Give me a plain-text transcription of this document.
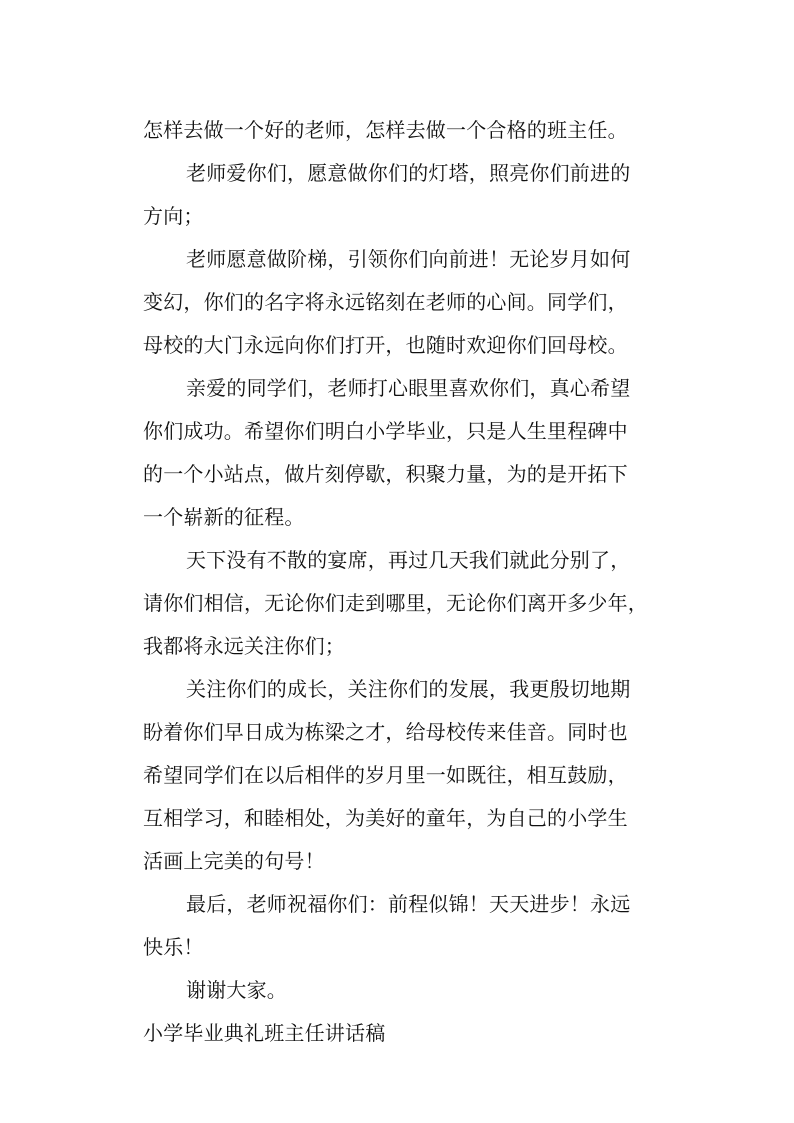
怎样去做一个好的老师，怎样去做一个合格的班主任。
老师爱你们，愿意做你们的灯塔，照亮你们前进的
方向；
老师愿意做阶梯，引领你们向前进！无论岁月如何
变幻，你们的名字将永远铭刻在老师的心间。同学们，
母校的大门永远向你们打开，也随时欢迎你们回母校。
亲爱的同学们，老师打心眼里喜欢你们，真心希望
你们成功。希望你们明白小学毕业，只是人生里程碑中
的一个小站点，做片刻停歇，积聚力量，为的是开拓下
一个崭新的征程。
天下没有不散的宴席，再过几天我们就此分别了，
请你们相信，无论你们走到哪里，无论你们离开多少年，
我都将永远关注你们；
关注你们的成长，关注你们的发展，我更殷切地期
盼着你们早日成为栋梁之才，给母校传来佳音。同时也
希望同学们在以后相伴的岁月里一如既往，相互鼓励，
互相学习，和睦相处，为美好的童年，为自己的小学生
活画上完美的句号！
最后，老师祝福你们：前程似锦！天天进步！永远
快乐！
谢谢大家。
小学毕业典礼班主任讲话稿
